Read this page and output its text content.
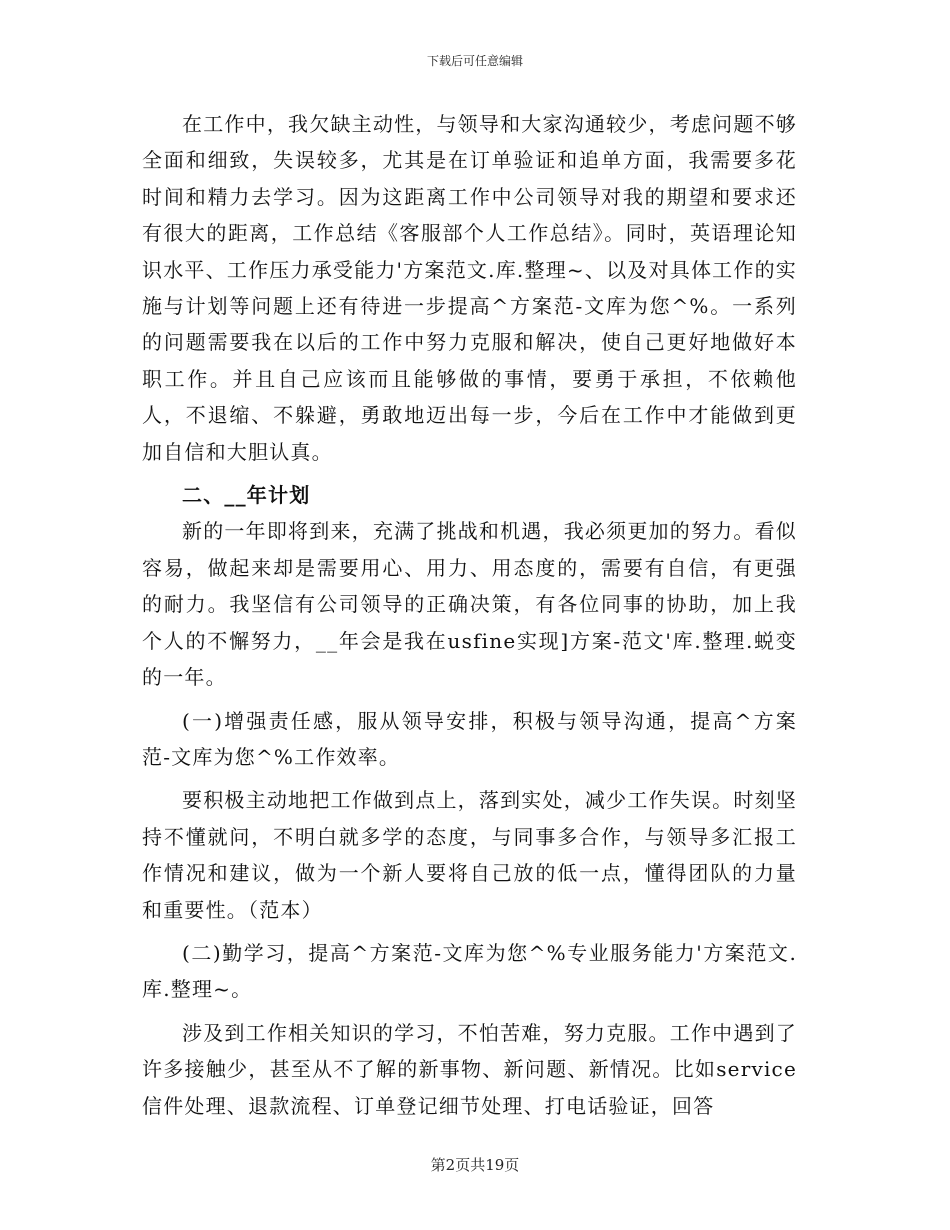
下载后可任意编辑

在工作中，我欠缺主动性，与领导和大家沟通较少，考虑问题不够全面和细致，失误较多，尤其是在订单验证和追单方面，我需要多花时间和精力去学习。因为这距离工作中公司领导对我的期望和要求还有很大的距离，工作总结《客服部个人工作总结》。同时，英语理论知识水平、工作压力承受能力'方案范文.库.整理~、以及对具体工作的实施与计划等问题上还有待进一步提高^方案范-文库为您^%。一系列的问题需要我在以后的工作中努力克服和解决，使自己更好地做好本职工作。并且自己应该而且能够做的事情，要勇于承担，不依赖他人，不退缩、不躲避，勇敢地迈出每一步，今后在工作中才能做到更加自信和大胆认真。

二、__年计划

新的一年即将到来，充满了挑战和机遇，我必须更加的努力。看似容易，做起来却是需要用心、用力、用态度的，需要有自信，有更强的耐力。我坚信有公司领导的正确决策，有各位同事的协助，加上我个人的不懈努力，__年会是我在usfine实现]方案-范文'库.整理.蜕变的一年。

(一)增强责任感，服从领导安排，积极与领导沟通，提高^方案范-文库为您^%工作效率。

要积极主动地把工作做到点上，落到实处，减少工作失误。时刻坚持不懂就问，不明白就多学的态度，与同事多合作，与领导多汇报工作情况和建议，做为一个新人要将自己放的低一点，懂得团队的力量和重要性。（范本）

(二)勤学习，提高^方案范-文库为您^%专业服务能力'方案范文.库.整理~。

涉及到工作相关知识的学习，不怕苦难，努力克服。工作中遇到了许多接触少，甚至从不了解的新事物、新问题、新情况。比如service信件处理、退款流程、订单登记细节处理、打电话验证，回答

第2页共19页
